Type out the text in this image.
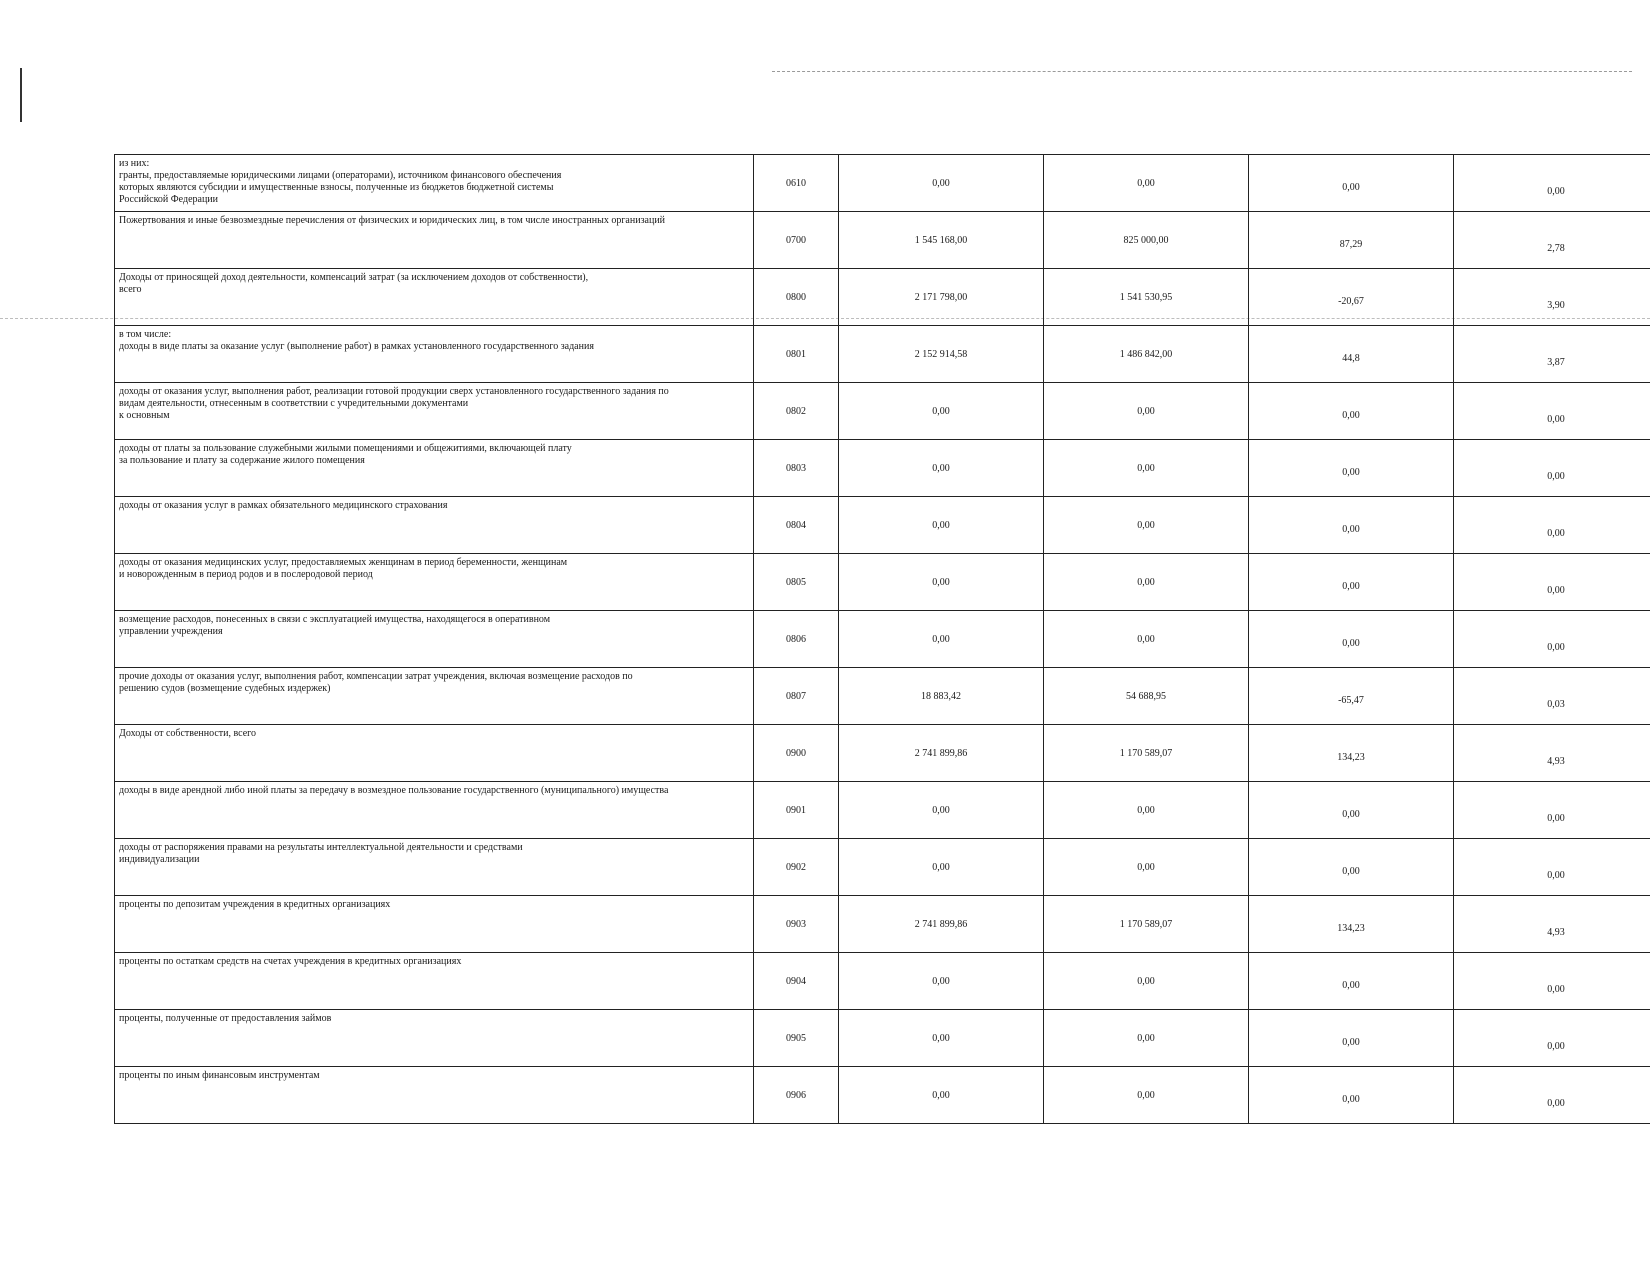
из них:
гранты, предоставляемые юридическими лицами (операторами), источником финансового обеспечения
которых являются субсидии и имущественные взносы, полученные из бюджетов бюджетной системы
Российской Федерации	0610	0,00	0,00	0,00	0,00
Пожертвования и иные безвозмездные перечисления от физических и юридических лиц, в том числе иностранных организаций	0700	1 545 168,00	825 000,00	87,29	2,78
Доходы от приносящей доход деятельности, компенсаций затрат (за исключением доходов от собственности),
всего	0800	2 171 798,00	1 541 530,95	-20,67	3,90
в том числе:
доходы в виде платы за оказание услуг (выполнение работ) в рамках установленного государственного задания	0801	2 152 914,58	1 486 842,00	44,8	3,87
доходы от оказания услуг, выполнения работ, реализации готовой продукции сверх установленного государственного задания по
видам деятельности, отнесенным в соответствии с учредительными документами
к основным	0802	0,00	0,00	0,00	0,00
доходы от платы за пользование служебными жилыми помещениями и общежитиями, включающей плату
за пользование и плату за содержание жилого помещения	0803	0,00	0,00	0,00	0,00
доходы от оказания услуг в рамках обязательного медицинского страхования	0804	0,00	0,00	0,00	0,00
доходы от оказания медицинских услуг, предоставляемых женщинам в период беременности, женщинам
и новорожденным в период родов и в послеродовой период	0805	0,00	0,00	0,00	0,00
возмещение расходов, понесенных в связи с эксплуатацией имущества, находящегося в оперативном
управлении учреждения	0806	0,00	0,00	0,00	0,00
прочие доходы от оказания услуг, выполнения работ, компенсации затрат учреждения, включая возмещение расходов по
решению судов (возмещение судебных издержек)	0807	18 883,42	54 688,95	-65,47	0,03
Доходы от собственности, всего	0900	2 741 899,86	1 170 589,07	134,23	4,93
доходы в виде арендной либо иной платы за передачу в возмездное пользование государственного (муниципального) имущества	0901	0,00	0,00	0,00	0,00
доходы от распоряжения правами на результаты интеллектуальной деятельности и средствами
индивидуализации	0902	0,00	0,00	0,00	0,00
проценты по депозитам учреждения в кредитных организациях	0903	2 741 899,86	1 170 589,07	134,23	4,93
проценты по остаткам средств на счетах учреждения в кредитных организациях	0904	0,00	0,00	0,00	0,00
проценты, полученные от предоставления займов	0905	0,00	0,00	0,00	0,00
проценты по иным финансовым инструментам	0906	0,00	0,00	0,00	0,00
